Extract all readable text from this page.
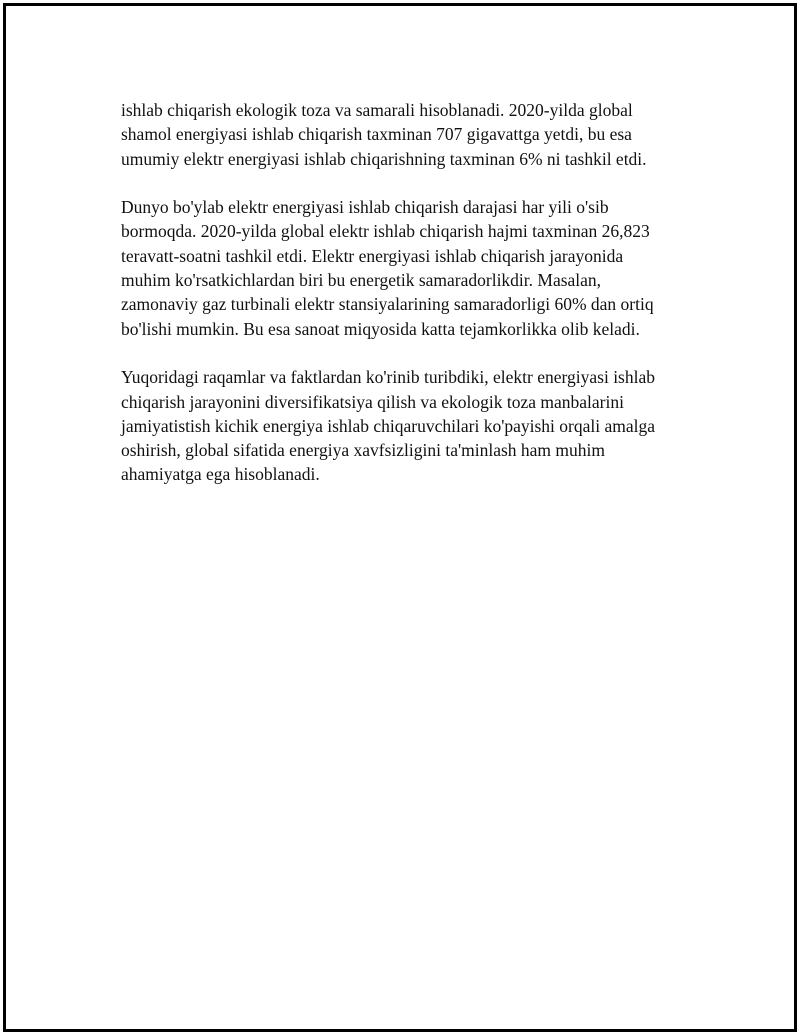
ishlab chiqarish ekologik toza va samarali hisoblanadi. 2020-yilda global
shamol energiyasi ishlab chiqarish taxminan 707 gigavattga yetdi, bu esa
umumiy elektr energiyasi ishlab chiqarishning taxminan 6% ni tashkil etdi.

Dunyo bo'ylab elektr energiyasi ishlab chiqarish darajasi har yili o'sib
bormoqda. 2020-yilda global elektr ishlab chiqarish hajmi taxminan 26,823
teravatt-soatni tashkil etdi. Elektr energiyasi ishlab chiqarish jarayonida
muhim ko'rsatkichlardan biri bu energetik samaradorlikdir. Masalan,
zamonaviy gaz turbinali elektr stansiyalarining samaradorligi 60% dan ortiq
bo'lishi mumkin. Bu esa sanoat miqyosida katta tejamkorlikka olib keladi.

Yuqoridagi raqamlar va faktlardan ko'rinib turibdiki, elektr energiyasi ishlab
chiqarish jarayonini diversifikatsiya qilish va ekologik toza manbalarini
jamiyatistish kichik energiya ishlab chiqaruvchilari ko'payishi orqali amalga
oshirish, global sifatida energiya xavfsizligini ta'minlash ham muhim
ahamiyatga ega hisoblanadi.
